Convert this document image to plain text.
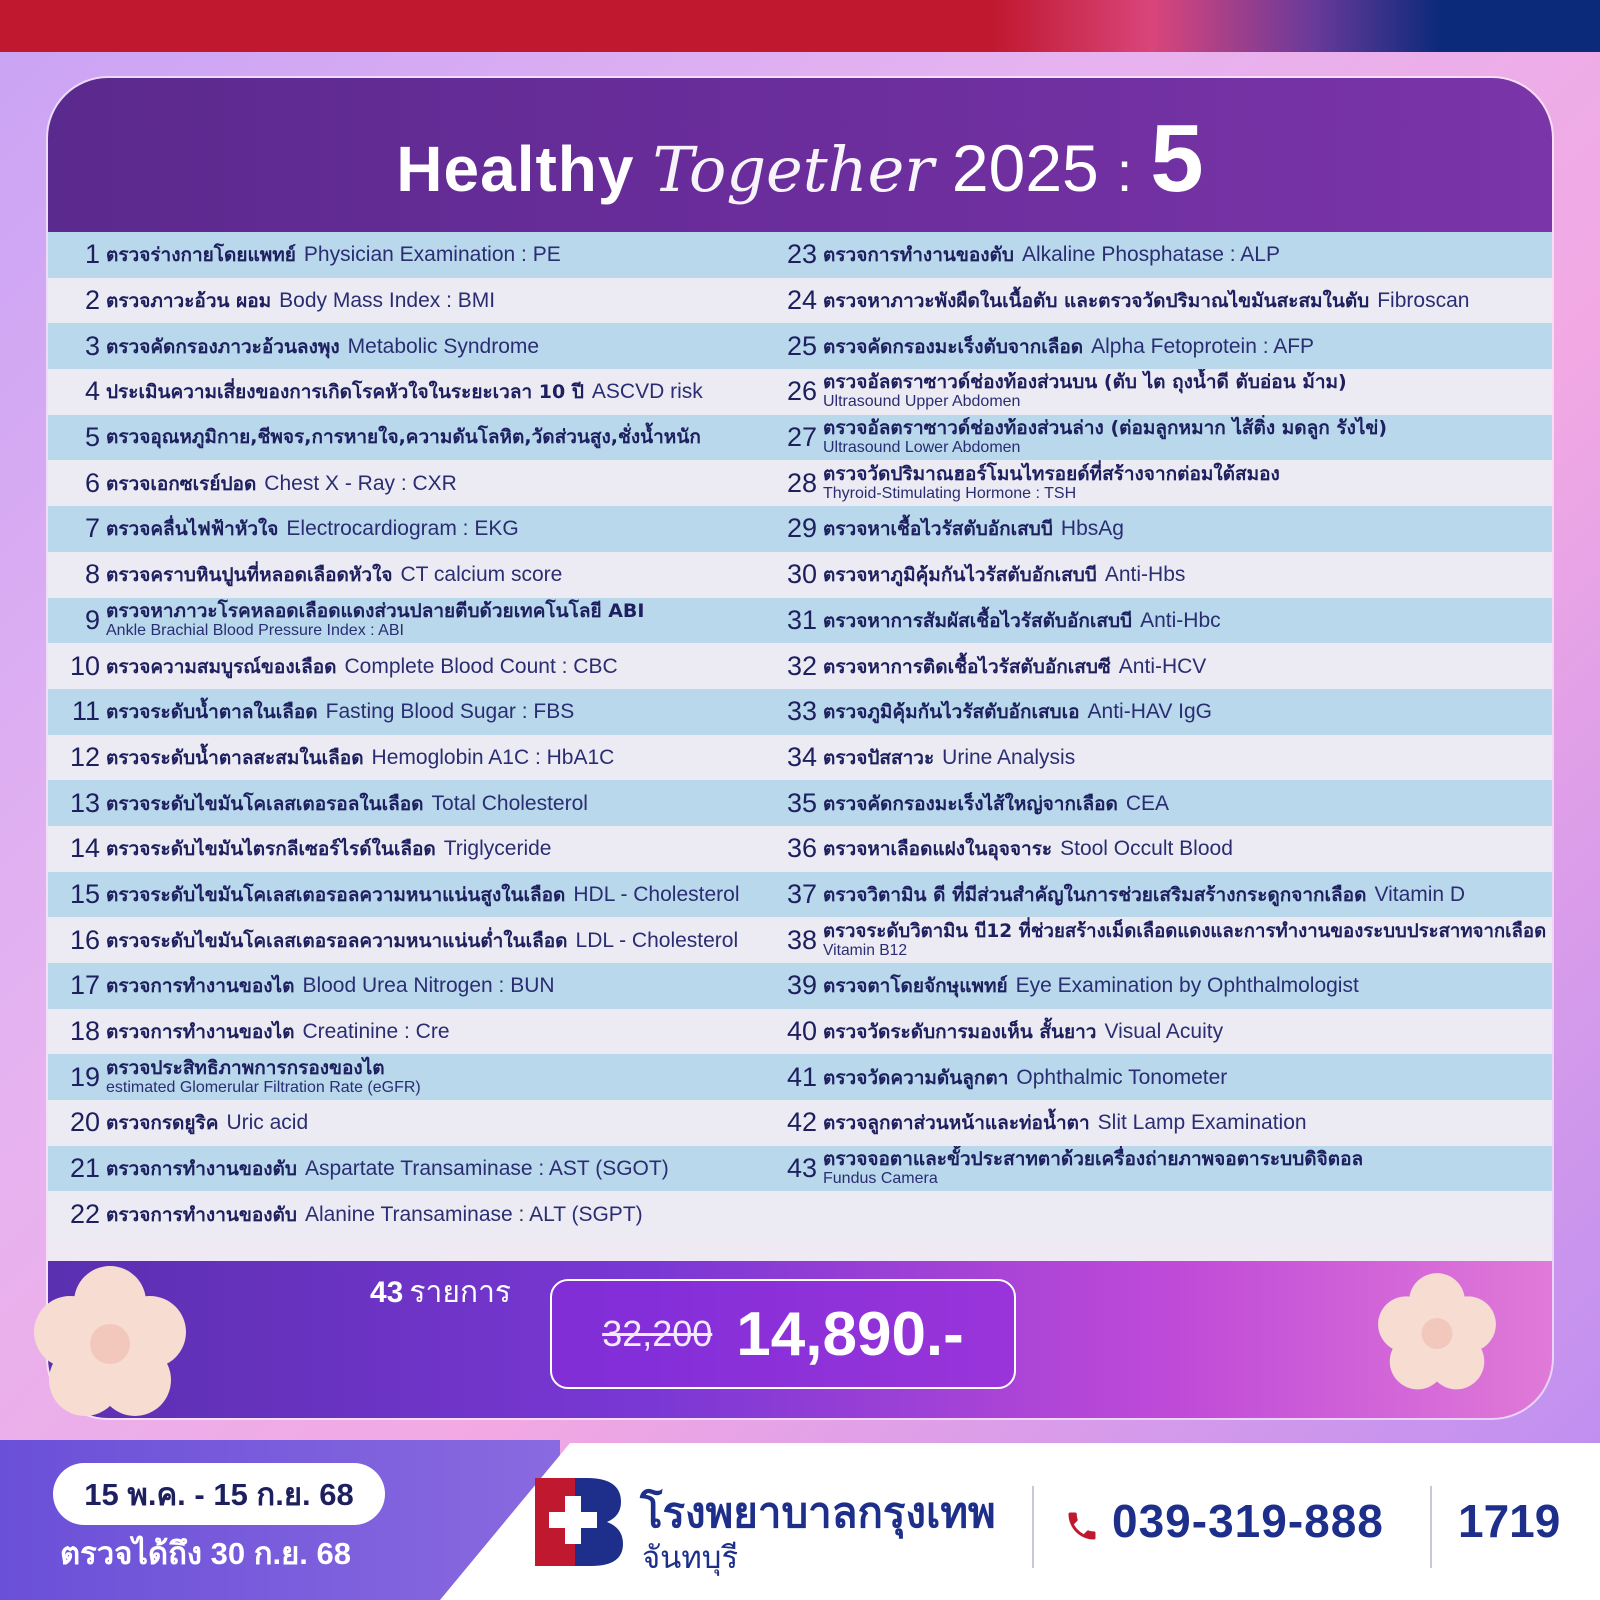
Healthy Together 2025 : 5
1 ตรวจร่างกายโดยแพทย์ Physician Examination : PE	23 ตรวจการทำงานของตับ Alkaline Phosphatase : ALP
2 ตรวจภาวะอ้วน ผอม Body Mass Index : BMI	24 ตรวจหาภาวะพังผืดในเนื้อตับ และตรวจวัดปริมาณไขมันสะสมในตับ Fibroscan
3 ตรวจคัดกรองภาวะอ้วนลงพุง Metabolic Syndrome	25 ตรวจคัดกรองมะเร็งตับจากเลือด Alpha Fetoprotein : AFP
4 ประเมินความเสี่ยงของการเกิดโรคหัวใจในระยะเวลา 10 ปี ASCVD risk	26 ตรวจอัลตราซาวด์ช่องท้องส่วนบน (ตับ ไต ถุงน้ำดี ตับอ่อน ม้าม)
Ultrasound Upper Abdomen
5 ตรวจอุณหภูมิกาย,ชีพจร,การหายใจ,ความดันโลหิต,วัดส่วนสูง,ชั่งน้ำหนัก	27 ตรวจอัลตราซาวด์ช่องท้องส่วนล่าง (ต่อมลูกหมาก ไส้ติ่ง มดลูก รังไข่)
Ultrasound Lower Abdomen
6 ตรวจเอกซเรย์ปอด Chest X - Ray : CXR	28 ตรวจวัดปริมาณฮอร์โมนไทรอยด์ที่สร้างจากต่อมใต้สมอง
Thyroid-Stimulating Hormone : TSH
7 ตรวจคลื่นไฟฟ้าหัวใจ Electrocardiogram : EKG	29 ตรวจหาเชื้อไวรัสตับอักเสบบี HbsAg
8 ตรวจคราบหินปูนที่หลอดเลือดหัวใจ CT calcium score	30 ตรวจหาภูมิคุ้มกันไวรัสตับอักเสบบี Anti-Hbs
9 ตรวจหาภาวะโรคหลอดเลือดแดงส่วนปลายตีบด้วยเทคโนโลยี ABI
Ankle Brachial Blood Pressure Index : ABI	31 ตรวจหาการสัมผัสเชื้อไวรัสตับอักเสบบี Anti-Hbc
10 ตรวจความสมบูรณ์ของเลือด Complete Blood Count : CBC	32 ตรวจหาการติดเชื้อไวรัสตับอักเสบซี Anti-HCV
11 ตรวจระดับน้ำตาลในเลือด Fasting Blood Sugar : FBS	33 ตรวจภูมิคุ้มกันไวรัสตับอักเสบเอ Anti-HAV IgG
12 ตรวจระดับน้ำตาลสะสมในเลือด Hemoglobin A1C : HbA1C	34 ตรวจปัสสาวะ Urine Analysis
13 ตรวจระดับไขมันโคเลสเตอรอลในเลือด Total Cholesterol	35 ตรวจคัดกรองมะเร็งไส้ใหญ่จากเลือด CEA
14 ตรวจระดับไขมันไตรกลีเซอร์ไรด์ในเลือด Triglyceride	36 ตรวจหาเลือดแฝงในอุจจาระ Stool Occult Blood
15 ตรวจระดับไขมันโคเลสเตอรอลความหนาแน่นสูงในเลือด HDL - Cholesterol	37 ตรวจวิตามิน ดี ที่มีส่วนสำคัญในการช่วยเสริมสร้างกระดูกจากเลือด Vitamin D
16 ตรวจระดับไขมันโคเลสเตอรอลความหนาแน่นต่ำในเลือด LDL - Cholesterol	38 ตรวจระดับวิตามิน บี12 ที่ช่วยสร้างเม็ดเลือดแดงและการทำงานของระบบประสาทจากเลือด
Vitamin B12
17 ตรวจการทำงานของไต Blood Urea Nitrogen : BUN	39 ตรวจตาโดยจักษุแพทย์ Eye Examination by Ophthalmologist
18 ตรวจการทำงานของไต Creatinine : Cre	40 ตรวจวัดระดับการมองเห็น สั้นยาว Visual Acuity
19 ตรวจประสิทธิภาพการกรองของไต
estimated Glomerular Filtration Rate (eGFR)	41 ตรวจวัดความดันลูกตา Ophthalmic Tonometer
20 ตรวจกรดยูริค Uric acid	42 ตรวจลูกตาส่วนหน้าและท่อน้ำตา Slit Lamp Examination
21 ตรวจการทำงานของตับ Aspartate Transaminase : AST (SGOT)	43 ตรวจจอตาและขั้วประสาทตาด้วยเครื่องถ่ายภาพจอตาระบบดิจิตอล
Fundus Camera
22 ตรวจการทำงานของตับ Alanine Transaminase : ALT (SGPT)
43 รายการ
32,200 14,890.-
15 พ.ค. - 15 ก.ย. 68
ตรวจได้ถึง 30 ก.ย. 68
โรงพยาบาลกรุงเทพ
จันทบุรี
039-319-888 1719
